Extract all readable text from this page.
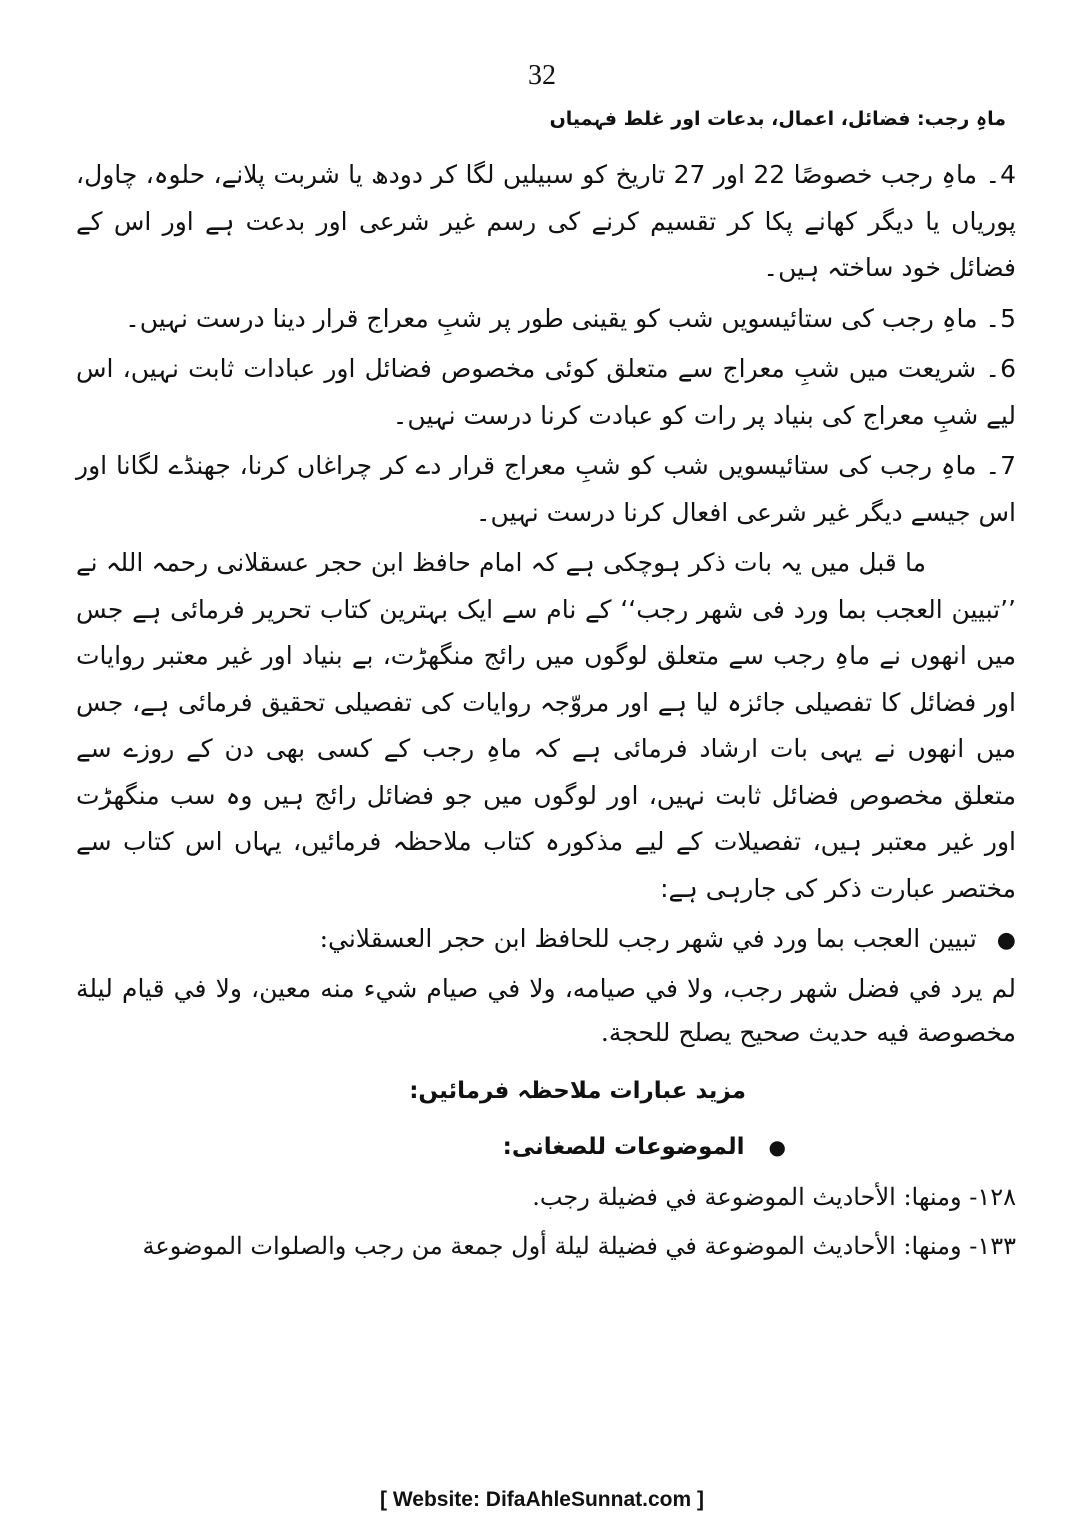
32
ماہِ رجب: فضائل، اعمال، بدعات اور غلط فہمیاں

4۔ ماہِ رجب خصوصًا 22 اور 27 تاریخ کو سبیلیں لگا کر دودھ یا شربت پلانے، حلوہ، چاول، پوریاں یا دیگر کھانے پکا کر تقسیم کرنے کی رسم غیر شرعی اور بدعت ہے اور اس کے فضائل خود ساختہ ہیں۔

5۔ ماہِ رجب کی ستائیسویں شب کو یقینی طور پر شبِ معراج قرار دینا درست نہیں۔

6۔ شریعت میں شبِ معراج سے متعلق کوئی مخصوص فضائل اور عبادات ثابت نہیں، اس لیے شبِ معراج کی بنیاد پر رات کو عبادت کرنا درست نہیں۔

7۔ ماہِ رجب کی ستائیسویں شب کو شبِ معراج قرار دے کر چراغاں کرنا، جھنڈے لگانا اور اس جیسے دیگر غیر شرعی افعال کرنا درست نہیں۔

ما قبل میں یہ بات ذکر ہوچکی ہے کہ امام حافظ ابن حجر عسقلانی رحمہ اللہ نے ’’تبیین العجب بما ورد فی شهر رجب‘‘ کے نام سے ایک بہترین کتاب تحریر فرمائی ہے جس میں انھوں نے ماہِ رجب سے متعلق لوگوں میں رائج منگھڑت، بے بنیاد اور غیر معتبر روایات اور فضائل کا تفصیلی جائزہ لیا ہے اور مروّجہ روایات کی تفصیلی تحقیق فرمائی ہے، جس میں انھوں نے یہی بات ارشاد فرمائی ہے کہ ماہِ رجب کے کسی بھی دن کے روزے سے متعلق مخصوص فضائل ثابت نہیں، اور لوگوں میں جو فضائل رائج ہیں وہ سب منگھڑت اور غیر معتبر ہیں، تفصیلات کے لیے مذکورہ کتاب ملاحظہ فرمائیں، یہاں اس کتاب سے مختصر عبارت ذکر کی جارہی ہے:

●تبيين العجب بما ورد في شهر رجب للحافظ ابن حجر العسقلاني:

لم يرد في فضل شهر رجب، ولا في صيامه، ولا في صيام شيء منه معين، ولا في قيام ليلة مخصوصة فيه حديث صحيح يصلح للحجة.

مزید عبارات ملاحظہ فرمائیں:

●الموضوعات للصغانی:

١٢٨- ومنها: الأحاديث الموضوعة في فضيلة رجب.

١٣٣- ومنها: الأحاديث الموضوعة في فضيلة ليلة أول جمعة من رجب والصلوات الموضوعة

[ Website: DifaAhleSunnat.com ]
